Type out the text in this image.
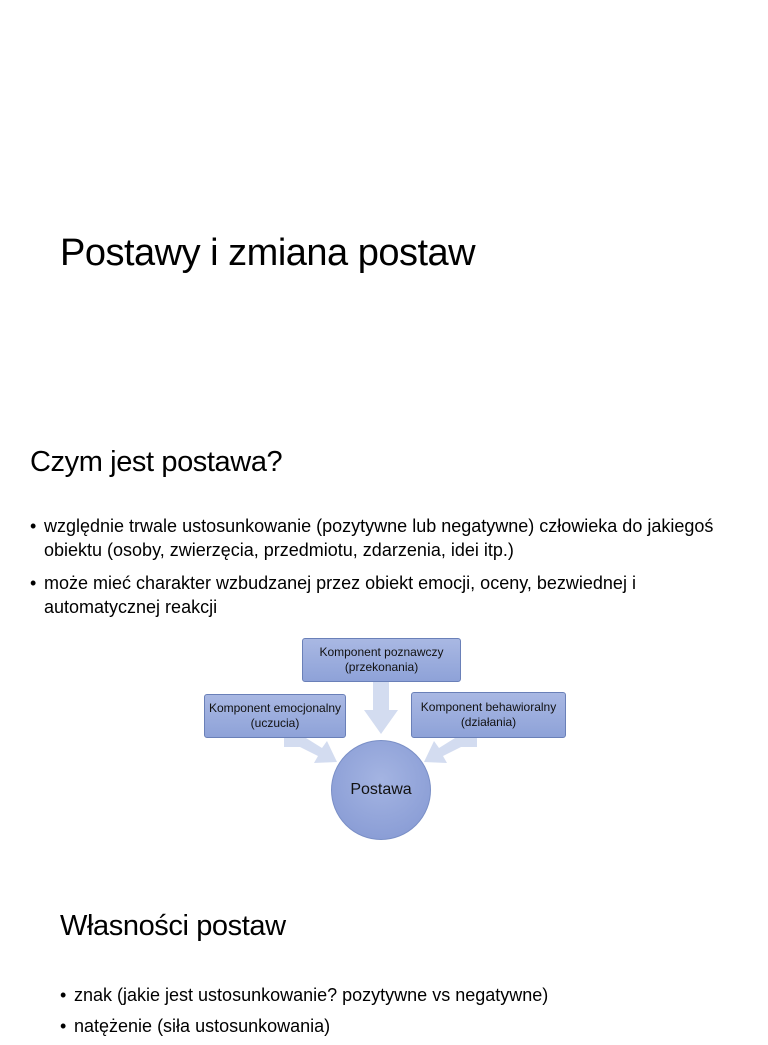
Postawy i zmiana postaw
Czym jest postawa?
• względnie trwale ustosunkowanie (pozytywne lub negatywne) człowieka do jakiegoś obiektu (osoby, zwierzęcia, przedmiotu, zdarzenia, idei itp.)
• może mieć charakter wzbudzanej przez obiekt emocji, oceny, bezwiednej i automatycznej reakcji
Komponent poznawczy (przekonania)
Komponent emocjonalny (uczucia)
Komponent behawioralny (działania)
Postawa
Własności postaw
• znak (jakie jest ustosunkowanie? pozytywne vs negatywne)
• natężenie (siła ustosunkowania)
